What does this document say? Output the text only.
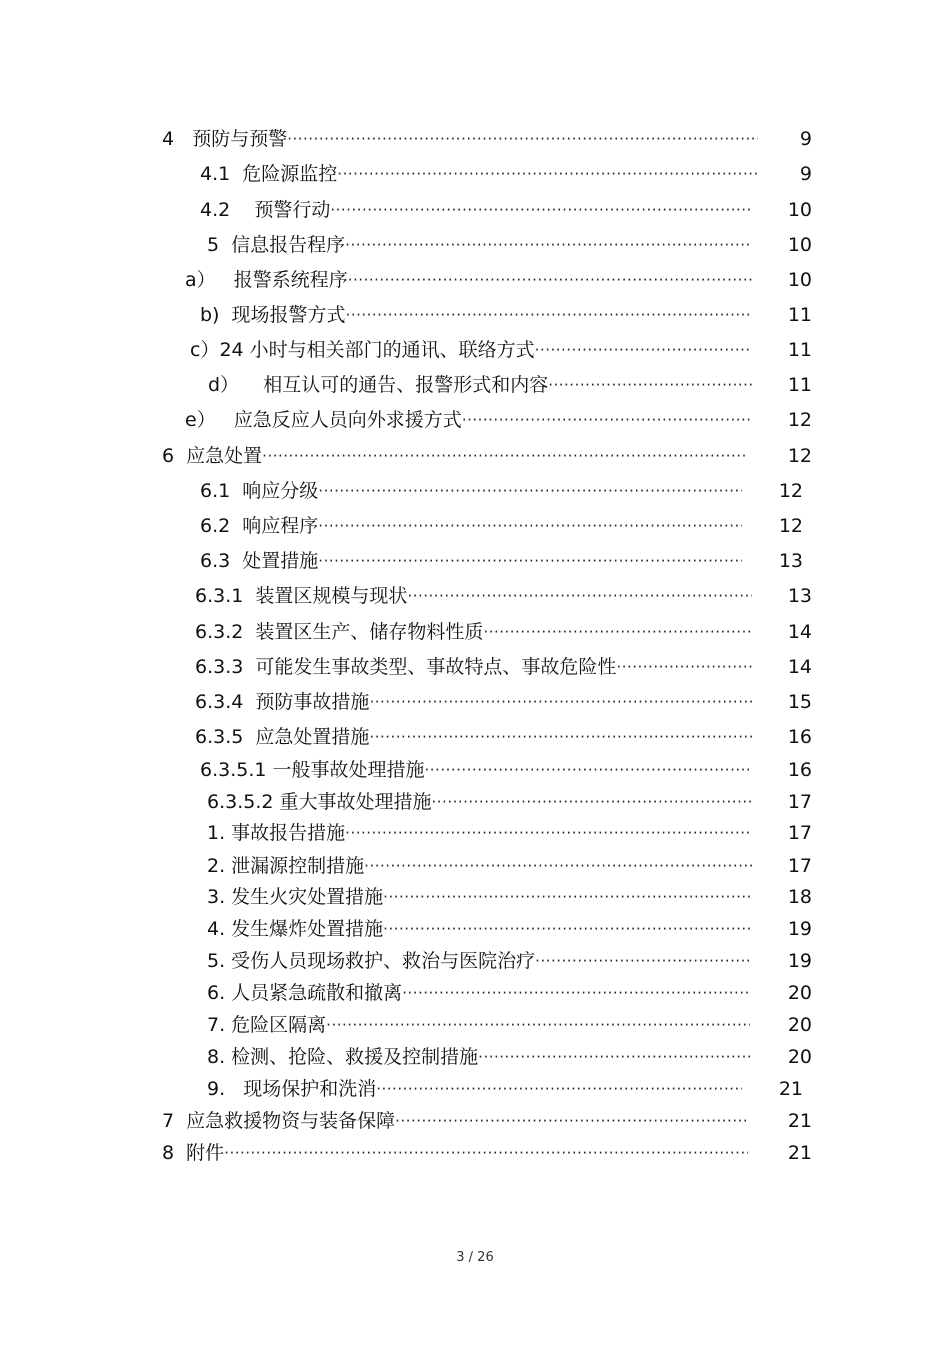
4   预防与预警 ·····	9
4.1  危险源监控 ·····	9
4.2    预警行动 ·····	10
5  信息报告程序 ·····	10
a）   报警系统程序 ·····	10
b)  现场报警方式 ·····	11
c）24 小时与相关部门的通讯、联络方式 ·····	11
d）    相互认可的通告、报警形式和内容 ·····	11
e）   应急反应人员向外求援方式 ·····	12
6  应急处置 ·····	12
6.1  响应分级 ·····	12
6.2  响应程序 ·····	12
6.3  处置措施 ·····	13
6.3.1  装置区规模与现状 ·····	13
6.3.2  装置区生产、储存物料性质 ·····	14
6.3.3  可能发生事故类型、事故特点、事故危险性 ·····	14
6.3.4  预防事故措施 ·····	15
6.3.5  应急处置措施 ·····	16
6.3.5.1 一般事故处理措施 ·····	16
6.3.5.2 重大事故处理措施 ·····	17
1. 事故报告措施 ·····	17
2. 泄漏源控制措施 ·····	17
3. 发生火灾处置措施 ·····	18
4. 发生爆炸处置措施 ·····	19
5. 受伤人员现场救护、救治与医院治疗 ·····	19
6. 人员紧急疏散和撤离 ·····	20
7. 危险区隔离 ·····	20
8. 检测、抢险、救援及控制措施 ·····	20
9.   现场保护和洗消 ·····	21
7  应急救援物资与装备保障 ·····	21
8  附件 ·····	21
3 / 26
